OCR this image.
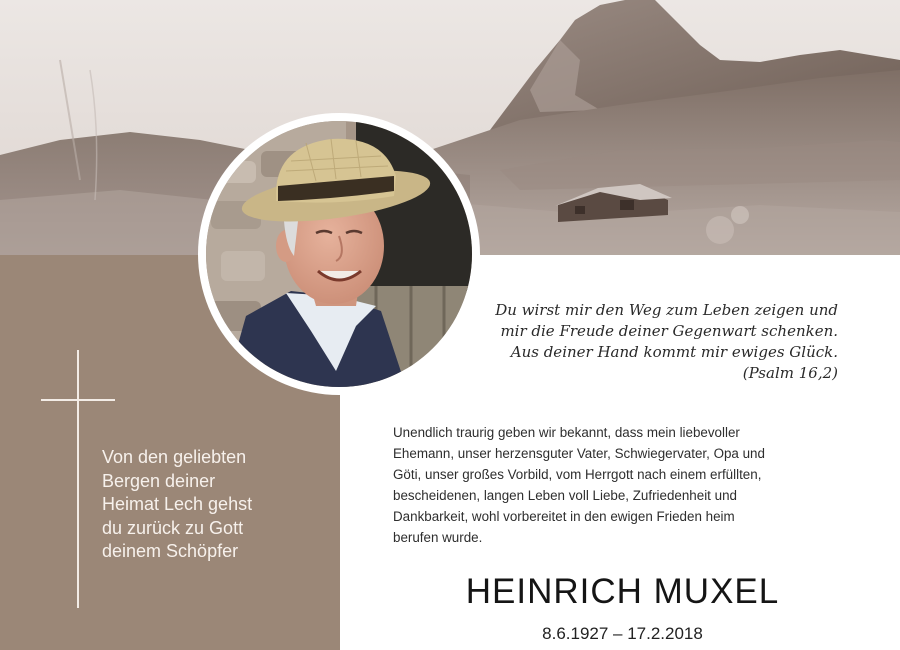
Von den geliebten
Bergen deiner
Heimat Lech gehst
du zurück zu Gott
deinem Schöpfer
Du wirst mir den Weg zum Leben zeigen und
mir die Freude deiner Gegenwart schenken.
Aus deiner Hand kommt mir ewiges Glück.
(Psalm 16,2)
Unendlich traurig geben wir bekannt, dass mein liebevoller
Ehemann, unser herzensguter Vater, Schwiegervater, Opa und
Göti, unser großes Vorbild, vom Herrgott nach einem erfüllten,
bescheidenen, langen Leben voll Liebe, Zufriedenheit und
Dankbarkeit, wohl vorbereitet in den ewigen Frieden heim
berufen wurde.
HEINRICH MUXEL
8.6.1927 – 17.2.2018
